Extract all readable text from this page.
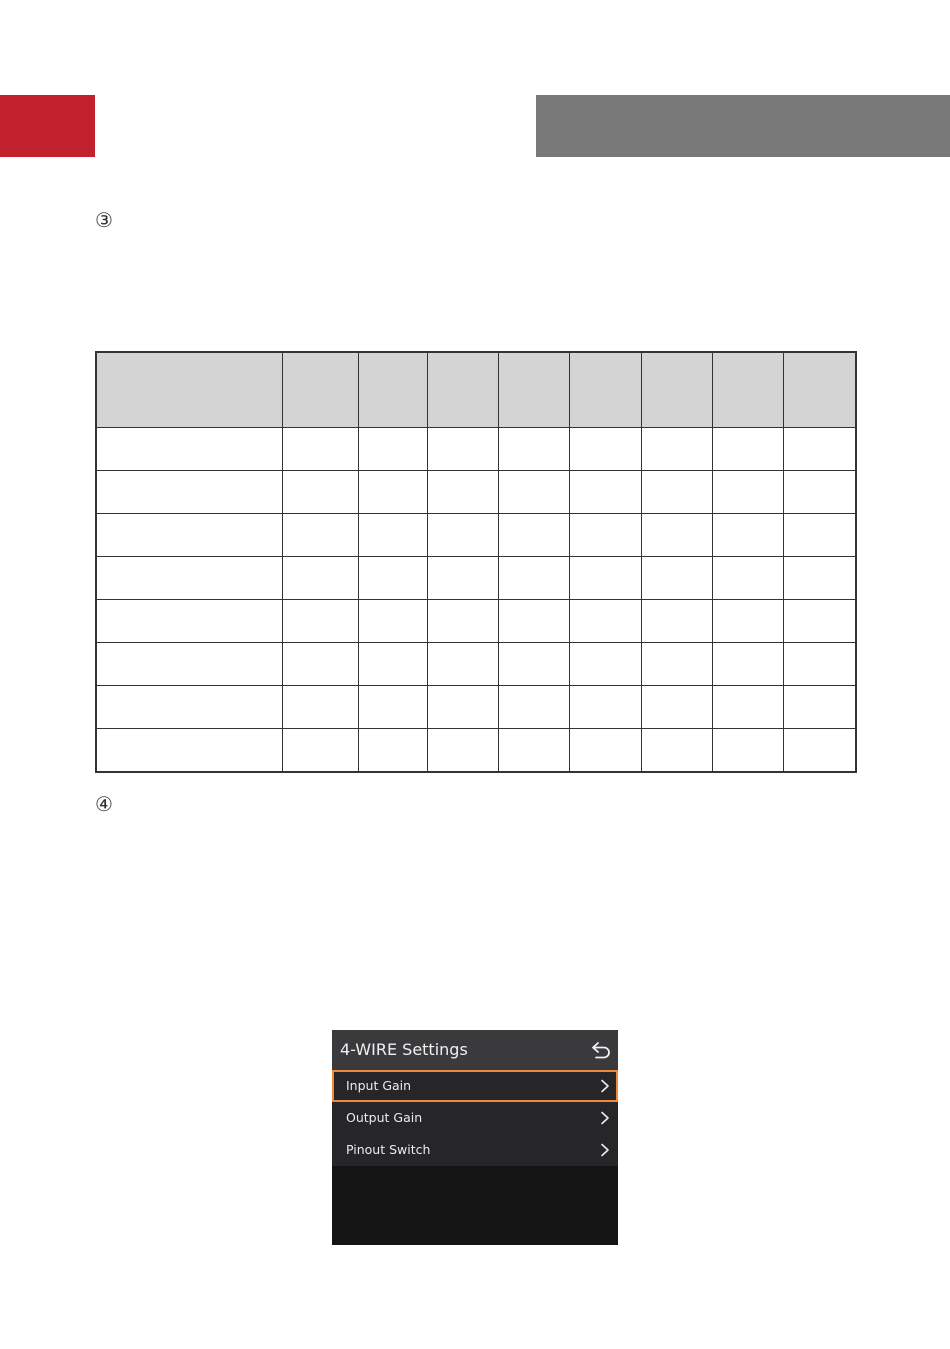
③

④
4-WIRE Settings
Input Gain
Output Gain
Pinout Switch
